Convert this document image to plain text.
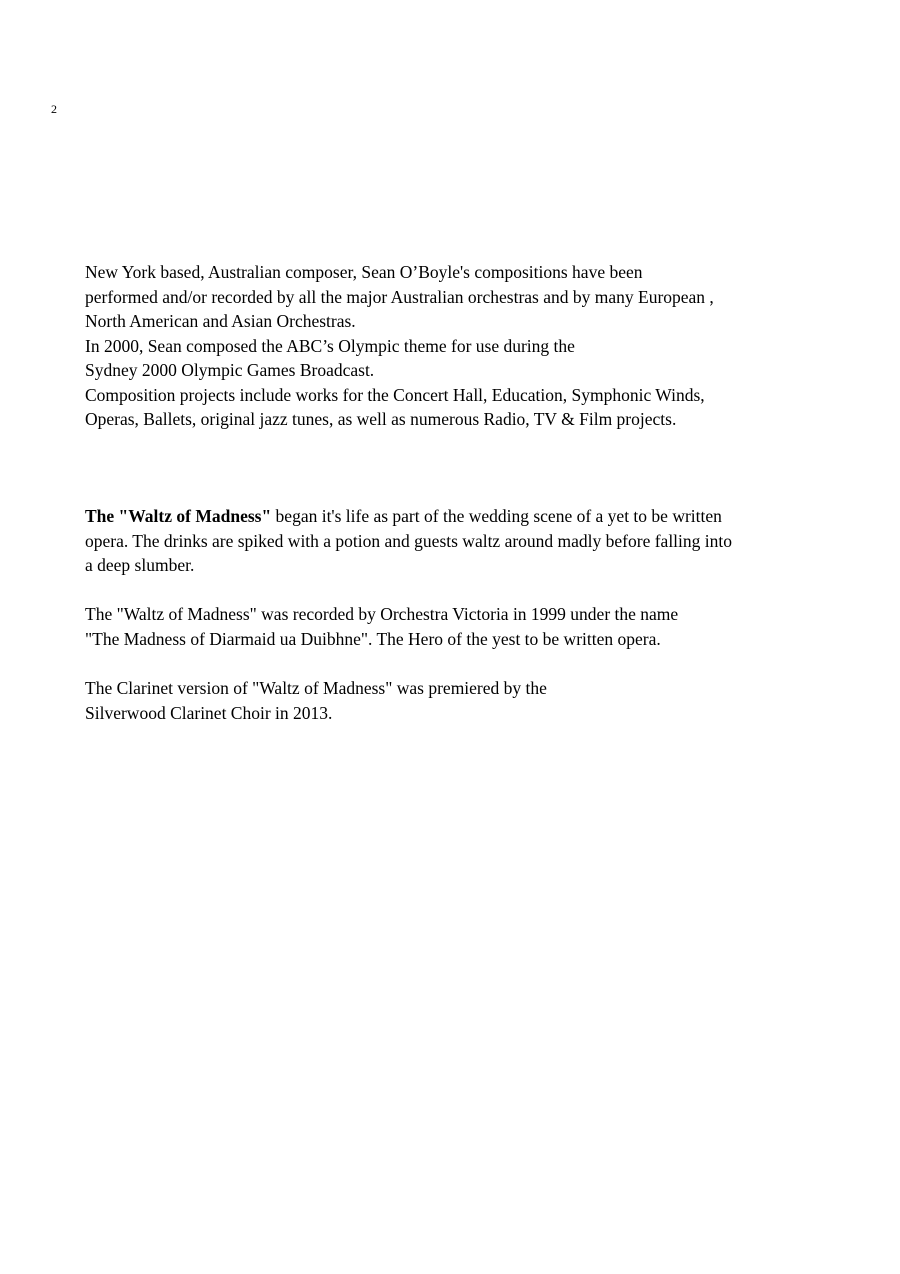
2
New York based, Australian composer, Sean O’Boyle's compositions have been
performed and/or recorded by all the major Australian orchestras and by many European ,
North American and Asian Orchestras.
In 2000, Sean composed the ABC’s Olympic theme for use during the
Sydney 2000 Olympic Games Broadcast.
Composition projects include works for the Concert Hall, Education, Symphonic Winds,
Operas, Ballets, original jazz tunes, as well as numerous Radio, TV & Film projects.
The "Waltz of Madness" began it's life as part of the wedding scene of a yet to be written
opera. The drinks are spiked with a potion and guests waltz around madly before falling into
a deep slumber.
The "Waltz of Madness" was recorded by Orchestra Victoria in 1999 under the name
"The Madness of Diarmaid ua Duibhne". The Hero of the yest to be written opera.
The Clarinet version of "Waltz of Madness" was premiered by the
Silverwood Clarinet Choir in 2013.
